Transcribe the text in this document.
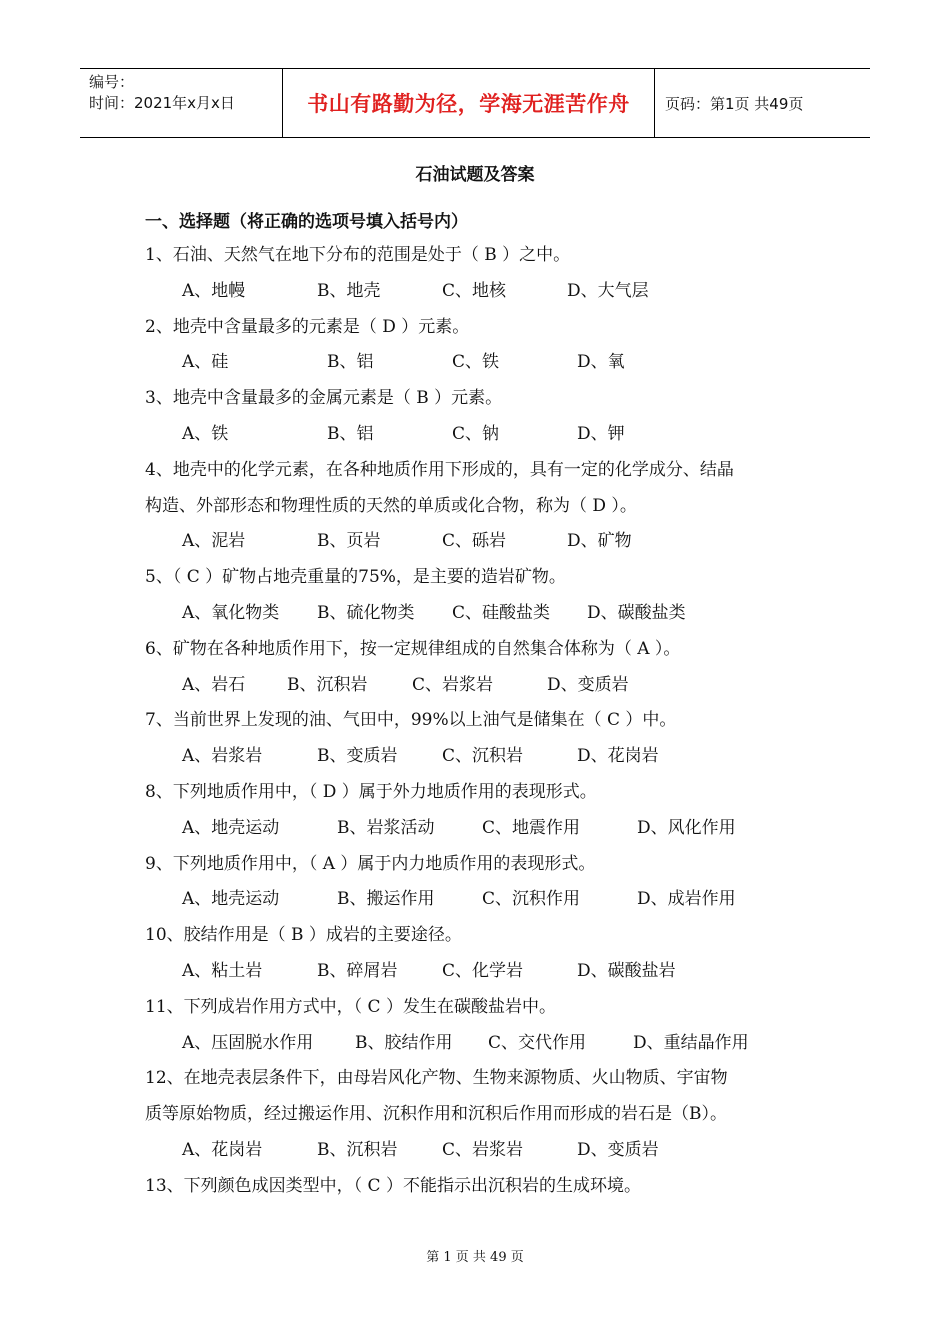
编号：
时间：2021年x月x日	书山有路勤为径，学海无涯苦作舟 页码：第1页 共49页
石油试题及答案
一、选择题（将正确的选项号填入括号内）
1、石油、天然气在地下分布的范围是处于（ B ）之中。
A、地幔	B、地壳	C、地核	D、大气层
2、地壳中含量最多的元素是（ D ）元素。
A、硅	B、铝	C、铁	D、氧
3、地壳中含量最多的金属元素是（ B ）元素。
A、铁	B、铝	C、钠	D、钾
4、地壳中的化学元素，在各种地质作用下形成的，具有一定的化学成分、结晶
构造、外部形态和物理性质的天然的单质或化合物，称为（ D ）。
A、泥岩	B、页岩	C、砾岩	D、矿物
5、（ C ）矿物占地壳重量的75%，是主要的造岩矿物。
A、氧化物类	B、硫化物类	C、硅酸盐类	D、碳酸盐类
6、矿物在各种地质作用下，按一定规律组成的自然集合体称为（ A ）。
A、岩石	B、沉积岩	C、岩浆岩	D、变质岩
7、当前世界上发现的油、气田中，99%以上油气是储集在（ C ）中。
A、岩浆岩	B、变质岩	C、沉积岩	D、花岗岩
8、下列地质作用中，（ D ）属于外力地质作用的表现形式。
A、地壳运动	B、岩浆活动	C、地震作用	D、风化作用
9、下列地质作用中，（ A ）属于内力地质作用的表现形式。
A、地壳运动	B、搬运作用	C、沉积作用	D、成岩作用
10、胶结作用是（ B ）成岩的主要途径。
A、粘土岩	B、碎屑岩	C、化学岩	D、碳酸盐岩
11、下列成岩作用方式中，（ C ）发生在碳酸盐岩中。
A、压固脱水作用	B、胶结作用	C、交代作用	D、重结晶作用
12、在地壳表层条件下，由母岩风化产物、生物来源物质、火山物质、宇宙物
质等原始物质，经过搬运作用、沉积作用和沉积后作用而形成的岩石是（B）。
A、花岗岩	B、沉积岩	C、岩浆岩	D、变质岩
13、下列颜色成因类型中，（ C ）不能指示出沉积岩的生成环境。
第 1 页 共 49 页
